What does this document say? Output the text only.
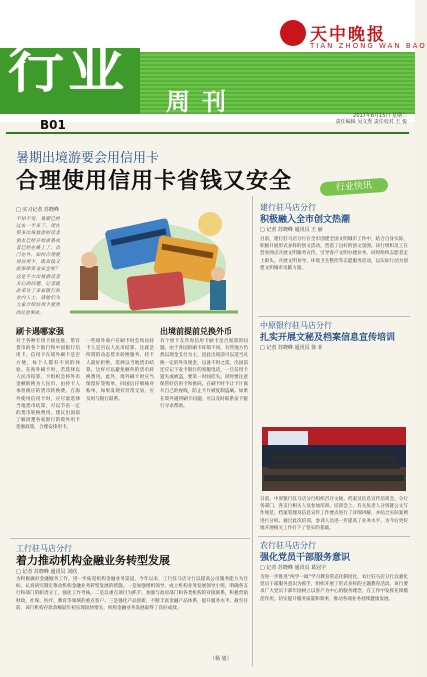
行业
周刊
天中晚报
TIAN ZHONG WAN BAO
2017年8月15日 星期二
责任编辑 吴文秀 责任校对 王 悦
B01
暑期出境游要会用信用卡
合理使用信用卡省钱又安全	行业快讯
□ 实习记者 苏晓峰
不知不觉，暑期已经过去一半多了。现在很多出境旅游的读者朋友已经开始准备或者已经在路上了。出门在外，如何合理使用信用卡，既省钱又能保障资金安全呢？这是不少出境游读者关心的问题。记者就此采访了多家银行的业内人士，请他们为大家介绍信用卡使用的注意事项。
刷卡遇哪家强
对于各种专用卡接连推，带有货币的各个银行和中国银行信用卡，信用卡在境外刷卡是否方便，每个人都有不同的体验。在海外刷卡时，若选择以人民币结算，卡组织会将外币金额转换为人民币，由持卡人承担相应的货币转换费。在海外使用信用卡时，应尽量选择当地货币结算，可以节省一定的货币转换费用。建议出国前了解清楚各家银行的境外用卡优惠政策，合理安排用卡。
一些境外商户在刷卡时会询问持卡人是否以人民币结算，这就是所谓的动态货币转换服务，持卡人最好拒绝，选择以当地货币结算，这样可以避免额外的货币转换费用。此外，境外刷卡时应当保留好签购单，回国后仔细核对账单，如果发现有异常交易，应及时与银行联系。
出境前提前兑换外币
有个别卡友咨询信用卡刷卡是否划算的问题。由于各国的刷卡环境不同，有些地方仍然以现金支付为主，因此出境前可以适当兑换一定的外币现金，以备不时之需。出国前还应记下发卡银行的客服电话，一旦信用卡遗失或被盗，要第一时间挂失。同时要注意保管好信用卡和密码，在刷卡时不让卡片离开自己的视线，防止卡片被复制盗刷。如果在境外遇到刷卡问题，可以及时联系发卡银行寻求帮助。
工行驻马店分行
着力推动机构金融业务转型发展
□ 记者 苏晓峰 通讯员 刘欣
为积极做好金融服务工作，进一步拓宽机构金融业务渠道，今年以来，工行驻马店分行以提高公司服务能力为目标，认真研究制定推动机构金融业务转型发展的措施。一是加强组织领导，成立机构业务发展领导小组，明确各支行和部门的职责分工，强化工作考核。二是以重点项目为抓手，加强与政府部门和各类机构的对接联系，积极营销财政、社保、医疗、教育等领域的重点客户。三是强化产品创新，不断丰富金融产品体系，提升服务水平。截至目前，该行机构存款余额较年初实现较快增长，机构金融业务发展取得了良好成效。
（杨 旭）
建行驻马店分行
积极融入全市创文热潮
□ 记者 苏晓峰 通讯员 王 丽
目前，建行驻马店分行在全市创建全国文明城市工作中，结合自身实际，积极开展形式多样的创文活动，营造了良好的创文氛围。该行组织员工在营业网点开展文明服务宣传，引导客户文明办理业务，同时组织志愿者走上街头，开展文明劝导、环境卫生整治等志愿服务活动，以实际行动为创建文明城市贡献力量。
中原银行驻马店分行
扎实开展文秘及档案信息宣传培训
□ 记者 苏晓峰 通讯员 徐 菲
日前，中原银行驻马店分行组织召开文秘、档案及信息宣传培训会。分行各部门、各支行相关人员参加培训。培训会上，有关负责人分别就公文写作规范、档案管理及信息宣传工作要点进行了详细讲解，并结合实际案例进行分析。通过此次培训，参训人员进一步提高了业务水平，为今后更好地开展相关工作打下了坚实的基础。
农行驻马店分行
强化党员干部服务意识
□ 记者 苏晓峰 通讯员 葛冠宇
为进一步推进“两学一做”学习教育常态化制度化，农行驻马店分行以强化党员干部服务意识为抓手，组织开展了形式多样的主题教育活动。该行要求广大党员干部牢固树立以客户为中心的服务理念，在工作中发挥先锋模范作用，切实提升服务质量和效率，推动各项业务持续健康发展。
